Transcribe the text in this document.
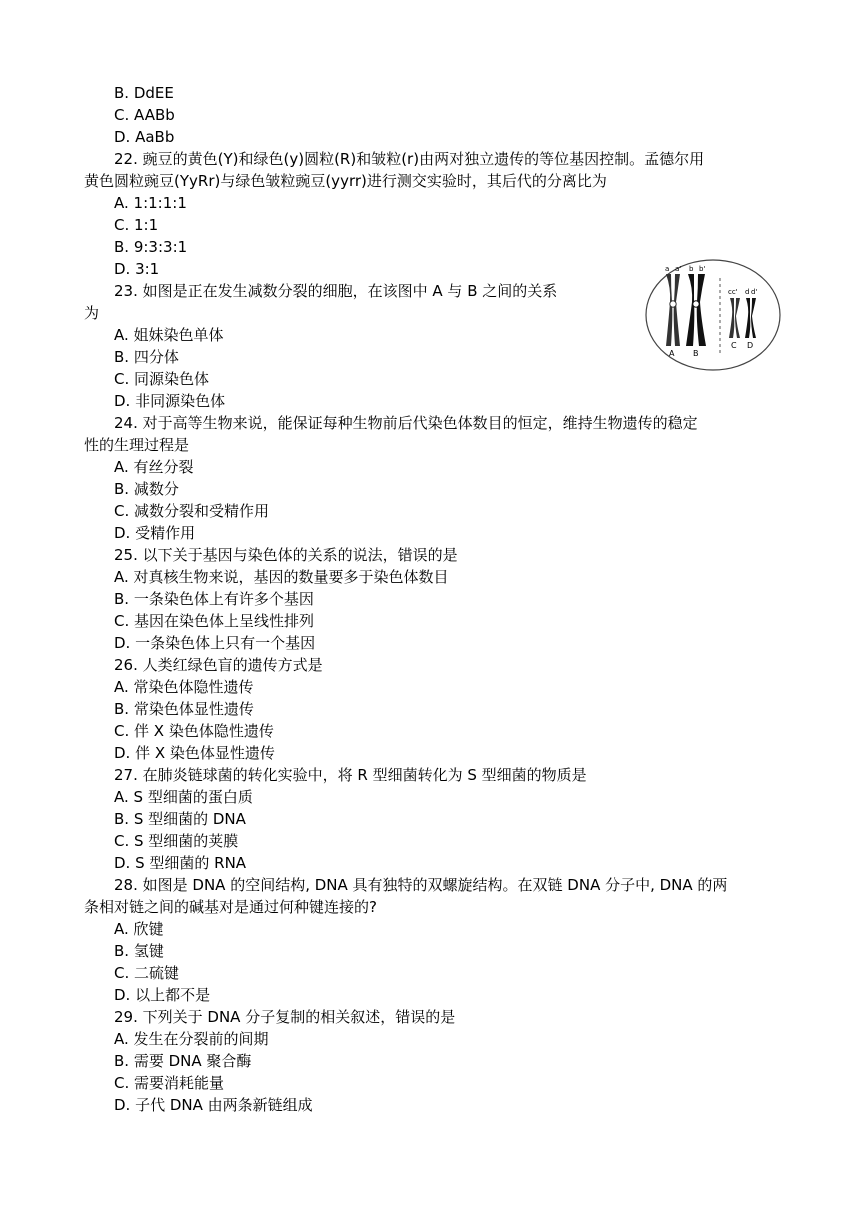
B. DdEE
C. AABb
D. AaBb
22. 豌豆的黄色(Y)和绿色(y)圆粒(R)和皱粒(r)由两对独立遗传的等位基因控制。孟德尔用
黄色圆粒豌豆(YyRr)与绿色皱粒豌豆(yyrr)进行测交实验时，其后代的分离比为
A. 1:1:1:1
C. 1:1
B. 9:3:3:1
D. 3:1
23. 如图是正在发生减数分裂的细胞，在该图中 A 与 B 之间的关系
为
A. 姐妹染色单体
B. 四分体
C. 同源染色体
D. 非同源染色体
24. 对于高等生物来说，能保证每种生物前后代染色体数目的恒定，维持生物遗传的稳定
性的生理过程是
A. 有丝分裂
B. 减数分
C. 减数分裂和受精作用
D. 受精作用
25. 以下关于基因与染色体的关系的说法，错误的是
A. 对真核生物来说，基因的数量要多于染色体数目
B. 一条染色体上有许多个基因
C. 基因在染色体上呈线性排列
D. 一条染色体上只有一个基因
26. 人类红绿色盲的遗传方式是
A. 常染色体隐性遗传
B. 常染色体显性遗传
C. 伴 X 染色体隐性遗传
D. 伴 X 染色体显性遗传
27. 在肺炎链球菌的转化实验中，将 R 型细菌转化为 S 型细菌的物质是
A. S 型细菌的蛋白质
B. S 型细菌的 DNA
C. S 型细菌的荚膜
D. S 型细菌的 RNA
28. 如图是 DNA 的空间结构, DNA 具有独特的双螺旋结构。在双链 DNA 分子中, DNA 的两
条相对链之间的碱基对是通过何种键连接的?
A. 欣键
B. 氢键
C. 二硫键
D. 以上都不是
29. 下列关于 DNA 分子复制的相关叙述，错误的是
A. 发生在分裂前的间期
B. 需要 DNA 聚合酶
C. 需要消耗能量
D. 子代 DNA 由两条新链组成
a a' b b'
cc' d d'
A B
C D
